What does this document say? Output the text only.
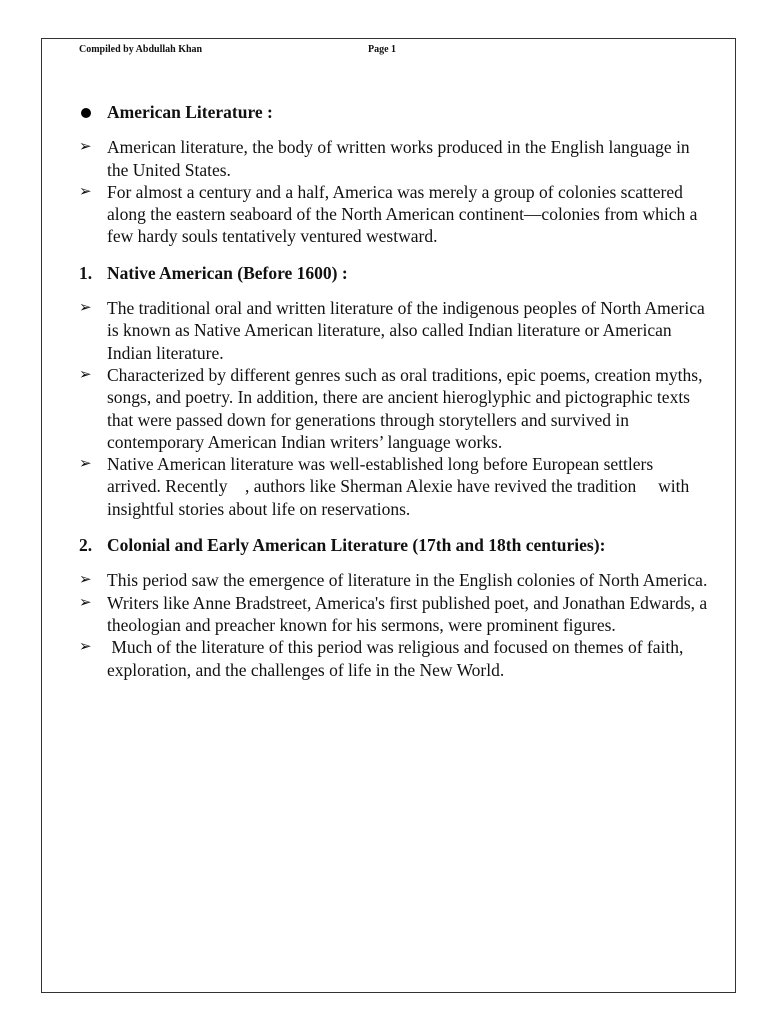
Compiled by Abdullah Khan	Page 1

American Literature :

➢ American literature, the body of written works produced in the English language in the United States.
➢ For almost a century and a half, America was merely a group of colonies scattered along the eastern seaboard of the North American continent—colonies from which a few hardy souls tentatively ventured westward.

1. Native American (Before 1600) :

➢ The traditional oral and written literature of the indigenous peoples of North America is known as Native American literature, also called Indian literature or American Indian literature.
➢ Characterized by different genres such as oral traditions, epic poems, creation myths, songs, and poetry. In addition, there are ancient hieroglyphic and pictographic texts that were passed down for generations through storytellers and survived in contemporary American Indian writers’ language works.
➢ Native American literature was well-established long before European settlers arrived. Recently    , authors like Sherman Alexie have revived the tradition     with insightful stories about life on reservations.

2. Colonial and Early American Literature (17th and 18th centuries):

➢ This period saw the emergence of literature in the English colonies of North America.
➢ Writers like Anne Bradstreet, America's first published poet, and Jonathan Edwards, a theologian and preacher known for his sermons, were prominent figures.
➢ Much of the literature of this period was religious and focused on themes of faith, exploration, and the challenges of life in the New World.
